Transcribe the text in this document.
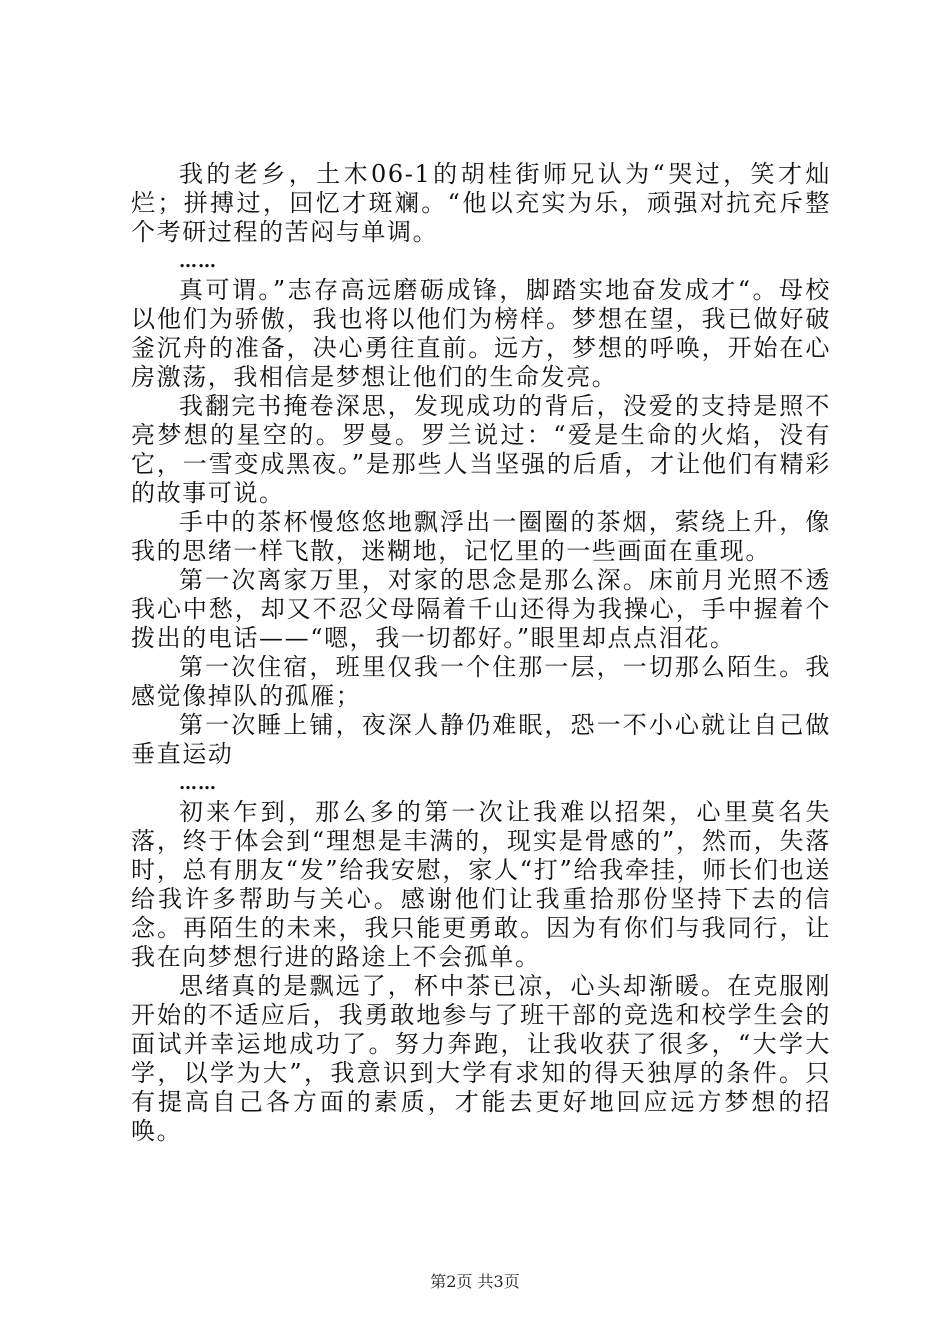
我的老乡，土木06-1的胡桂街师兄认为“哭过，笑才灿烂；拼搏过，回忆才斑斓。“他以充实为乐，顽强对抗充斥整个考研过程的苦闷与单调。

……

真可谓。”志存高远磨砺成锋，脚踏实地奋发成才“。母校以他们为骄傲，我也将以他们为榜样。梦想在望，我已做好破釜沉舟的准备，决心勇往直前。远方，梦想的呼唤，开始在心房激荡，我相信是梦想让他们的生命发亮。

我翻完书掩卷深思，发现成功的背后，没爱的支持是照不亮梦想的星空的。罗曼。罗兰说过：“爱是生命的火焰，没有它，一雪变成黑夜。”是那些人当坚强的后盾，才让他们有精彩的故事可说。

手中的茶杯慢悠悠地飘浮出一圈圈的茶烟，萦绕上升，像我的思绪一样飞散，迷糊地，记忆里的一些画面在重现。

第一次离家万里，对家的思念是那么深。床前月光照不透我心中愁，却又不忍父母隔着千山还得为我操心，手中握着个拨出的电话——“嗯，我一切都好。”眼里却点点泪花。

第一次住宿，班里仅我一个住那一层，一切那么陌生。我感觉像掉队的孤雁；

第一次睡上铺，夜深人静仍难眠，恐一不小心就让自己做垂直运动

……

初来乍到，那么多的第一次让我难以招架，心里莫名失落，终于体会到“理想是丰满的，现实是骨感的”，然而，失落时，总有朋友“发”给我安慰，家人“打”给我牵挂，师长们也送给我许多帮助与关心。感谢他们让我重拾那份坚持下去的信念。再陌生的未来，我只能更勇敢。因为有你们与我同行，让我在向梦想行进的路途上不会孤单。

思绪真的是飘远了，杯中茶已凉，心头却渐暖。在克服刚开始的不适应后，我勇敢地参与了班干部的竞选和校学生会的面试并幸运地成功了。努力奔跑，让我收获了很多，“大学大学，以学为大”，我意识到大学有求知的得天独厚的条件。只有提高自己各方面的素质，才能去更好地回应远方梦想的招唤。

第2页 共3页
